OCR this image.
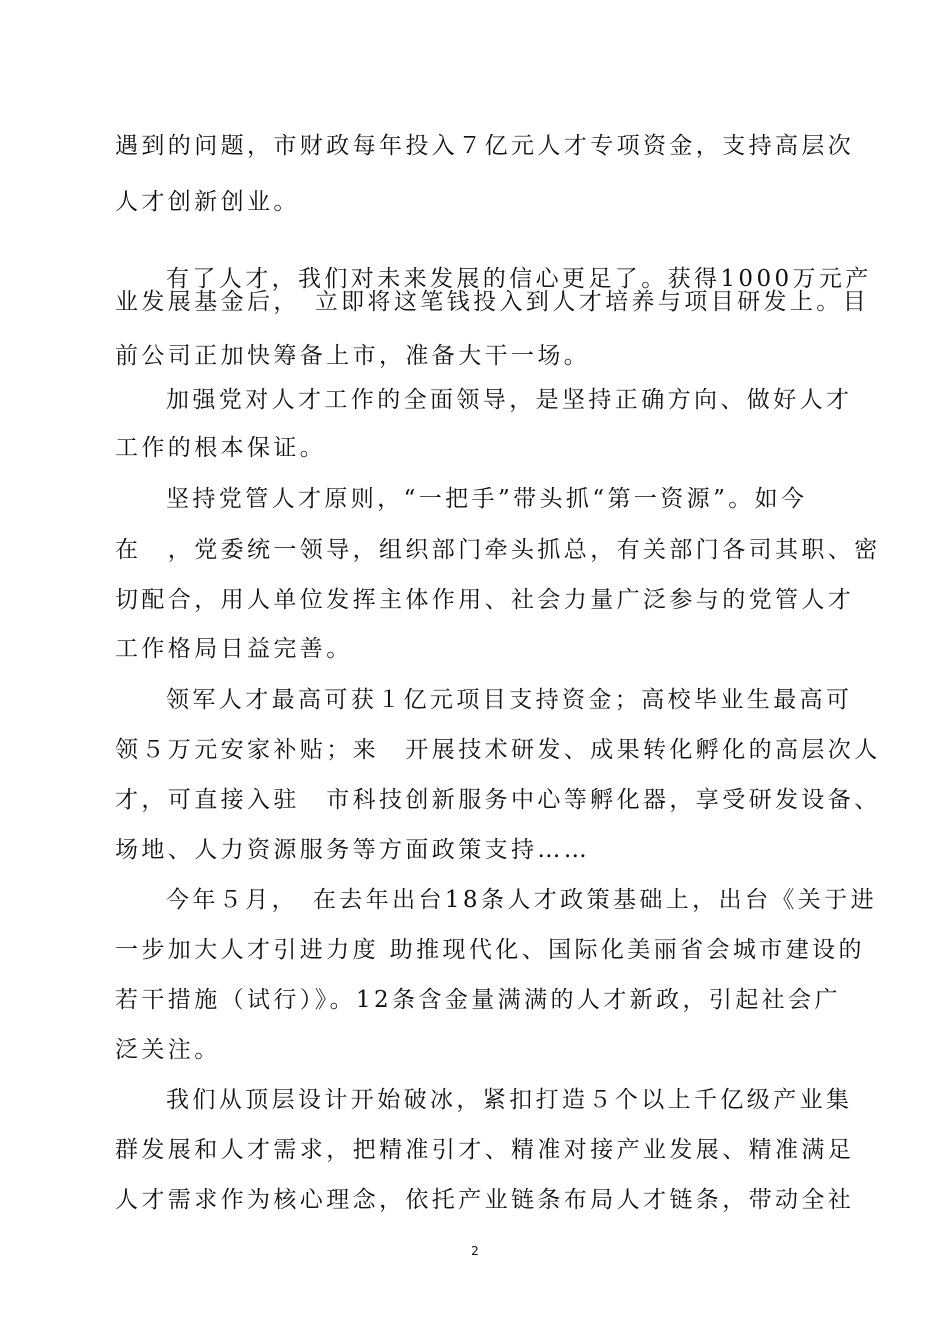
遇到的问题，市财政每年投入７亿元人才专项资金，支持高层次
人才创新创业。
有了人才，我们对未来发展的信心更足了。获得1000万元产
业发展基金后，　立即将这笔钱投入到人才培养与项目研发上。目
前公司正加快筹备上市，准备大干一场。
加强党对人才工作的全面领导，是坚持正确方向、做好人才
工作的根本保证。
坚持党管人才原则，“一把手”带头抓“第一资源”。如今
在　，党委统一领导，组织部门牵头抓总，有关部门各司其职、密
切配合，用人单位发挥主体作用、社会力量广泛参与的党管人才
工作格局日益完善。
领军人才最高可获１亿元项目支持资金；高校毕业生最高可
领５万元安家补贴；来　开展技术研发、成果转化孵化的高层次人
才，可直接入驻　市科技创新服务中心等孵化器，享受研发设备、
场地、人力资源服务等方面政策支持……
今年５月，　在去年出台18条人才政策基础上，出台《关于进
一步加大人才引进力度 助推现代化、国际化美丽省会城市建设的
若干措施（试行）》。12条含金量满满的人才新政，引起社会广
泛关注。
我们从顶层设计开始破冰，紧扣打造５个以上千亿级产业集
群发展和人才需求，把精准引才、精准对接产业发展、精准满足
人才需求作为核心理念，依托产业链条布局人才链条，带动全社
2
